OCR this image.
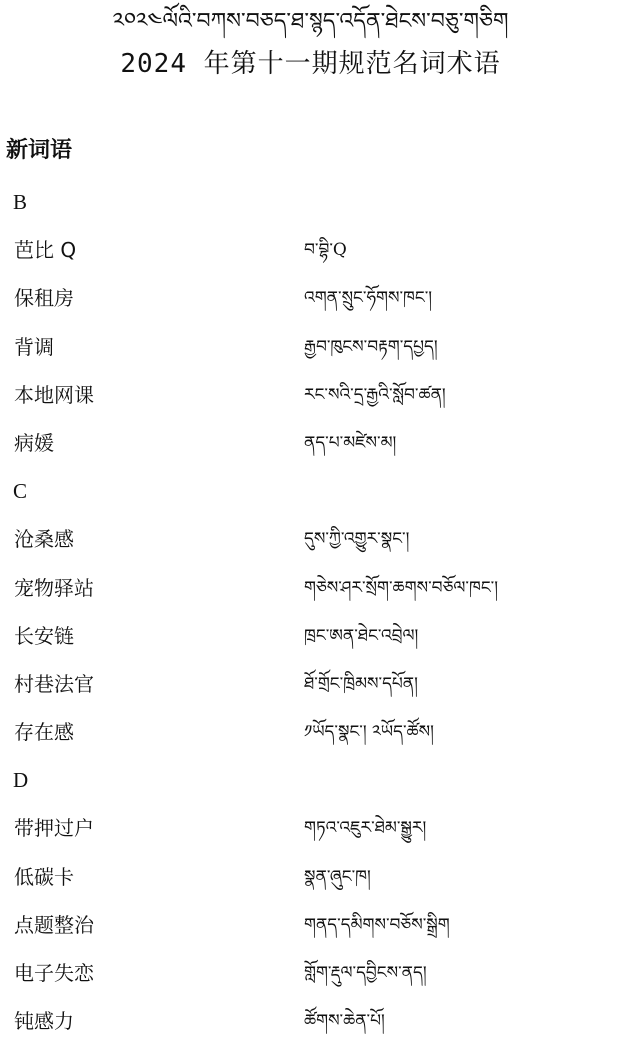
༢༠༢༤ལོའི་བཀས་བཅད་ཐ་སྙད་འདོན་ཐེངས་བཅུ་གཅིག
2024 年第十一期规范名词术语
新词语
B
芭比 Q	བ་བྷི་Q
保租房	འགན་སྲུང་ཧོགས་ཁང་།
背调	རྒྱབ་ཁུངས་བརྟག་དཔྱད།
本地网课	རང་སའི་དྲ་རྒྱའི་སློབ་ཚན།
病媛	ནད་པ་མཛེས་མ།
C
沧桑感	དུས་ཀྱི་འགྱུར་སྣང་།
宠物驿站	གཅེས་ཤར་སྲོག་ཆགས་བཅོལ་ཁང་།
长安链	ཁྲང་ཨན་ཐེང་འབྲེལ།
村巷法官	ཐོ་གྲོང་ཁྲིམས་དཔོན།
存在感	༡ཡོད་སྣང་། ༢ཡོད་ཚོས།
D
带押过户	གཏའ་འཇུར་ཐེམ་སྒྱུར།
低碳卡	སྣན་ཞུང་ཁ།
点题整治	གནད་དམིགས་བཅོས་སྒྲིག
电子失恋	གློག་རྡུལ་དབྱིངས་ནད།
钝感力	ཚོགས་ཆེན་པོ།
